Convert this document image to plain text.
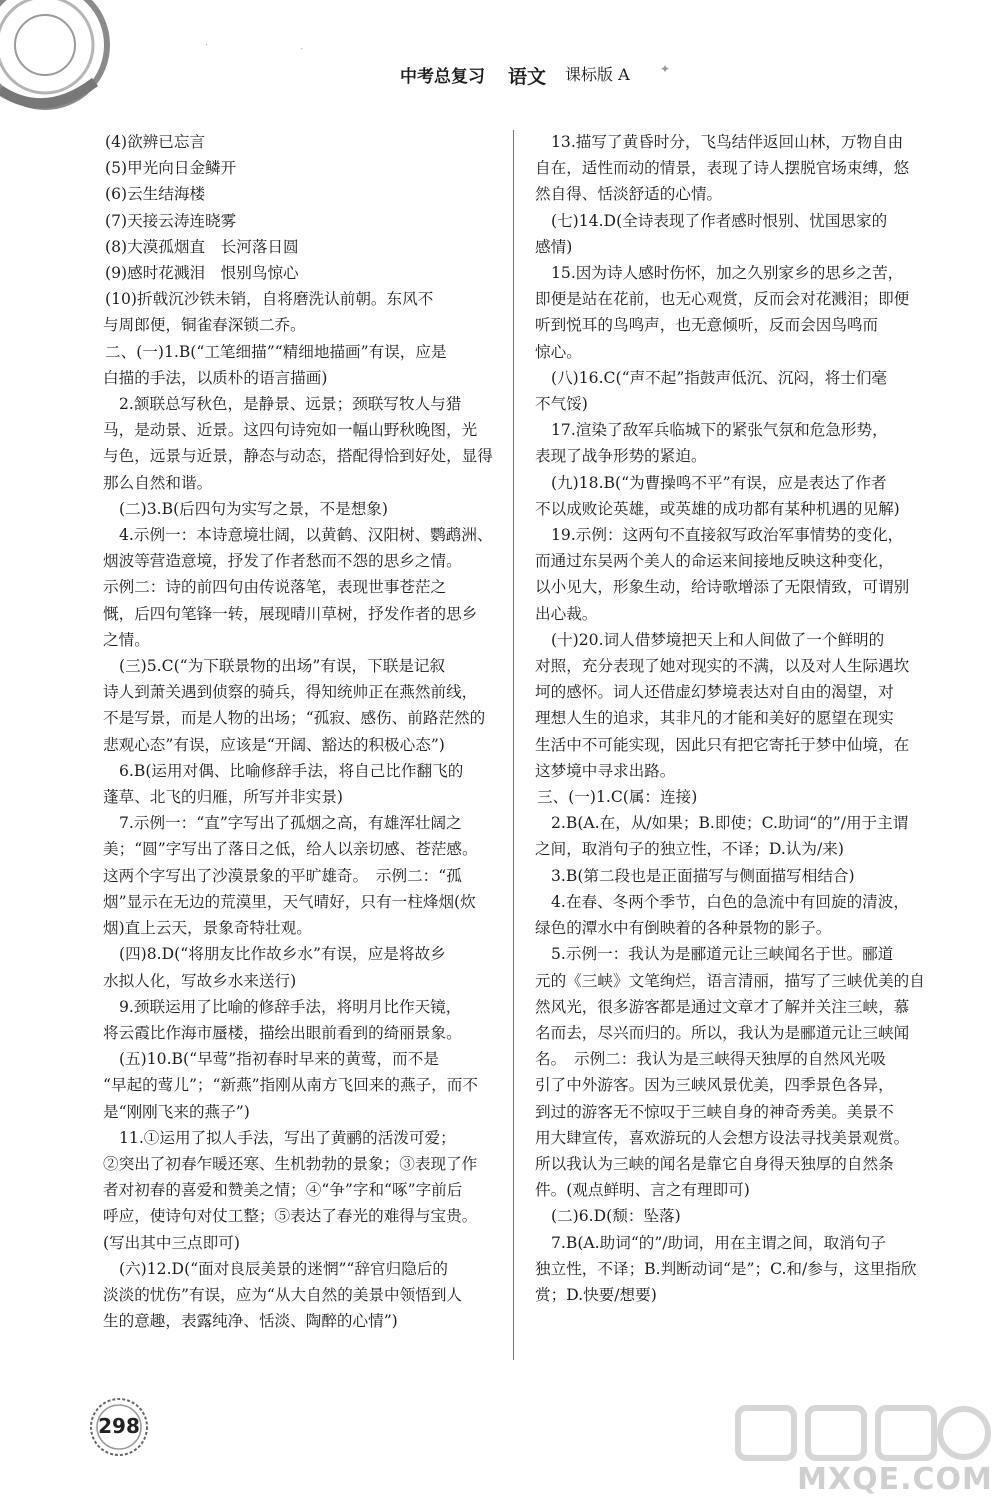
中考总复习 语文 课标版 A	✦
·	·
(4)欲辨已忘言
(5)甲光向日金鳞开
(6)云生结海楼
(7)天接云涛连晓雾
(8)大漠孤烟直　长河落日圆
(9)感时花溅泪　恨别鸟惊心
(10)折戟沉沙铁未销，自将磨洗认前朝。东风不
与周郎便，铜雀春深锁二乔。
二、(一)1.B(“工笔细描”“精细地描画”有误，应是
白描的手法，以质朴的语言描画)
2.颔联总写秋色，是静景、远景；颈联写牧人与猎
马，是动景、近景。这四句诗宛如一幅山野秋晚图，光
与色，远景与近景，静态与动态，搭配得恰到好处，显得
那么自然和谐。
(二)3.B(后四句为实写之景，不是想象)
4.示例一：本诗意境壮阔，以黄鹤、汉阳树、鹦鹉洲、
烟波等营造意境，抒发了作者愁而不怨的思乡之情。
示例二：诗的前四句由传说落笔，表现世事苍茫之
慨，后四句笔锋一转，展现晴川草树，抒发作者的思乡
之情。
(三)5.C(“为下联景物的出场”有误，下联是记叙
诗人到萧关遇到侦察的骑兵，得知统帅正在燕然前线，
不是写景，而是人物的出场；“孤寂、感伤、前路茫然的
悲观心态”有误，应该是“开阔、豁达的积极心态”)
6.B(运用对偶、比喻修辞手法，将自己比作翻飞的
蓬草、北飞的归雁，所写并非实景)
7.示例一：“直”字写出了孤烟之高，有雄浑壮阔之
美；“圆”字写出了落日之低，给人以亲切感、苍茫感。
这两个字写出了沙漠景象的平旷雄奇。　示例二：“孤
烟”显示在无边的荒漠里，天气晴好，只有一柱烽烟(炊
烟)直上云天，景象奇特壮观。
(四)8.D(“将朋友比作故乡水”有误，应是将故乡
水拟人化，写故乡水来送行)
9.颈联运用了比喻的修辞手法，将明月比作天镜，
将云霞比作海市蜃楼，描绘出眼前看到的绮丽景象。
(五)10.B(“早莺”指初春时早来的黄莺，而不是
“早起的莺儿”；“新燕”指刚从南方飞回来的燕子，而不
是“刚刚飞来的燕子”)
11.①运用了拟人手法，写出了黄鹂的活泼可爱；
②突出了初春乍暖还寒、生机勃勃的景象；③表现了作
者对初春的喜爱和赞美之情；④“争”字和“啄”字前后
呼应，使诗句对仗工整；⑤表达了春光的难得与宝贵。
(写出其中三点即可)
(六)12.D(“面对良辰美景的迷惘”“辞官归隐后的
淡淡的忧伤”有误，应为“从大自然的美景中领悟到人
生的意趣，表露纯净、恬淡、陶醉的心情”)
13.描写了黄昏时分，飞鸟结伴返回山林，万物自由
自在，适性而动的情景，表现了诗人摆脱官场束缚，悠
然自得、恬淡舒适的心情。
(七)14.D(全诗表现了作者感时恨别、忧国思家的
感情)
15.因为诗人感时伤怀，加之久别家乡的思乡之苦，
即便是站在花前，也无心观赏，反而会对花溅泪；即便
听到悦耳的鸟鸣声，也无意倾听，反而会因鸟鸣而
惊心。
(八)16.C(“声不起”指鼓声低沉、沉闷，将士们毫
不气馁)
17.渲染了敌军兵临城下的紧张气氛和危急形势，
表现了战争形势的紧迫。
(九)18.B(“为曹操鸣不平”有误，应是表达了作者
不以成败论英雄，或英雄的成功都有某种机遇的见解)
19.示例：这两句不直接叙写政治军事情势的变化，
而通过东吴两个美人的命运来间接地反映这种变化，
以小见大，形象生动，给诗歌增添了无限情致，可谓别
出心裁。
(十)20.词人借梦境把天上和人间做了一个鲜明的
对照，充分表现了她对现实的不满，以及对人生际遇坎
坷的感怀。词人还借虚幻梦境表达对自由的渴望，对
理想人生的追求，其非凡的才能和美好的愿望在现实
生活中不可能实现，因此只有把它寄托于梦中仙境，在
这梦境中寻求出路。
三、(一)1.C(属：连接)
2.B(A.在，从/如果；B.即使；C.助词“的”/用于主谓
之间，取消句子的独立性，不译；D.认为/来)
3.B(第二段也是正面描写与侧面描写相结合)
4.在春、冬两个季节，白色的急流中有回旋的清波，
绿色的潭水中有倒映着的各种景物的影子。
5.示例一：我认为是郦道元让三峡闻名于世。郦道
元的《三峡》文笔绚烂，语言清丽，描写了三峡优美的自
然风光，很多游客都是通过文章才了解并关注三峡，慕
名而去，尽兴而归的。所以，我认为是郦道元让三峡闻
名。　示例二：我认为是三峡得天独厚的自然风光吸
引了中外游客。因为三峡风景优美，四季景色各异，
到过的游客无不惊叹于三峡自身的神奇秀美。美景不
用大肆宣传，喜欢游玩的人会想方设法寻找美景观赏。
所以我认为三峡的闻名是靠它自身得天独厚的自然条
件。(观点鲜明、言之有理即可)
(二)6.D(颓：坠落)
7.B(A.助词“的”/助词，用在主谓之间，取消句子
独立性，不译；B.判断动词“是”；C.和/参与，这里指欣
赏；D.快要/想要)
298
MXQE.COM
